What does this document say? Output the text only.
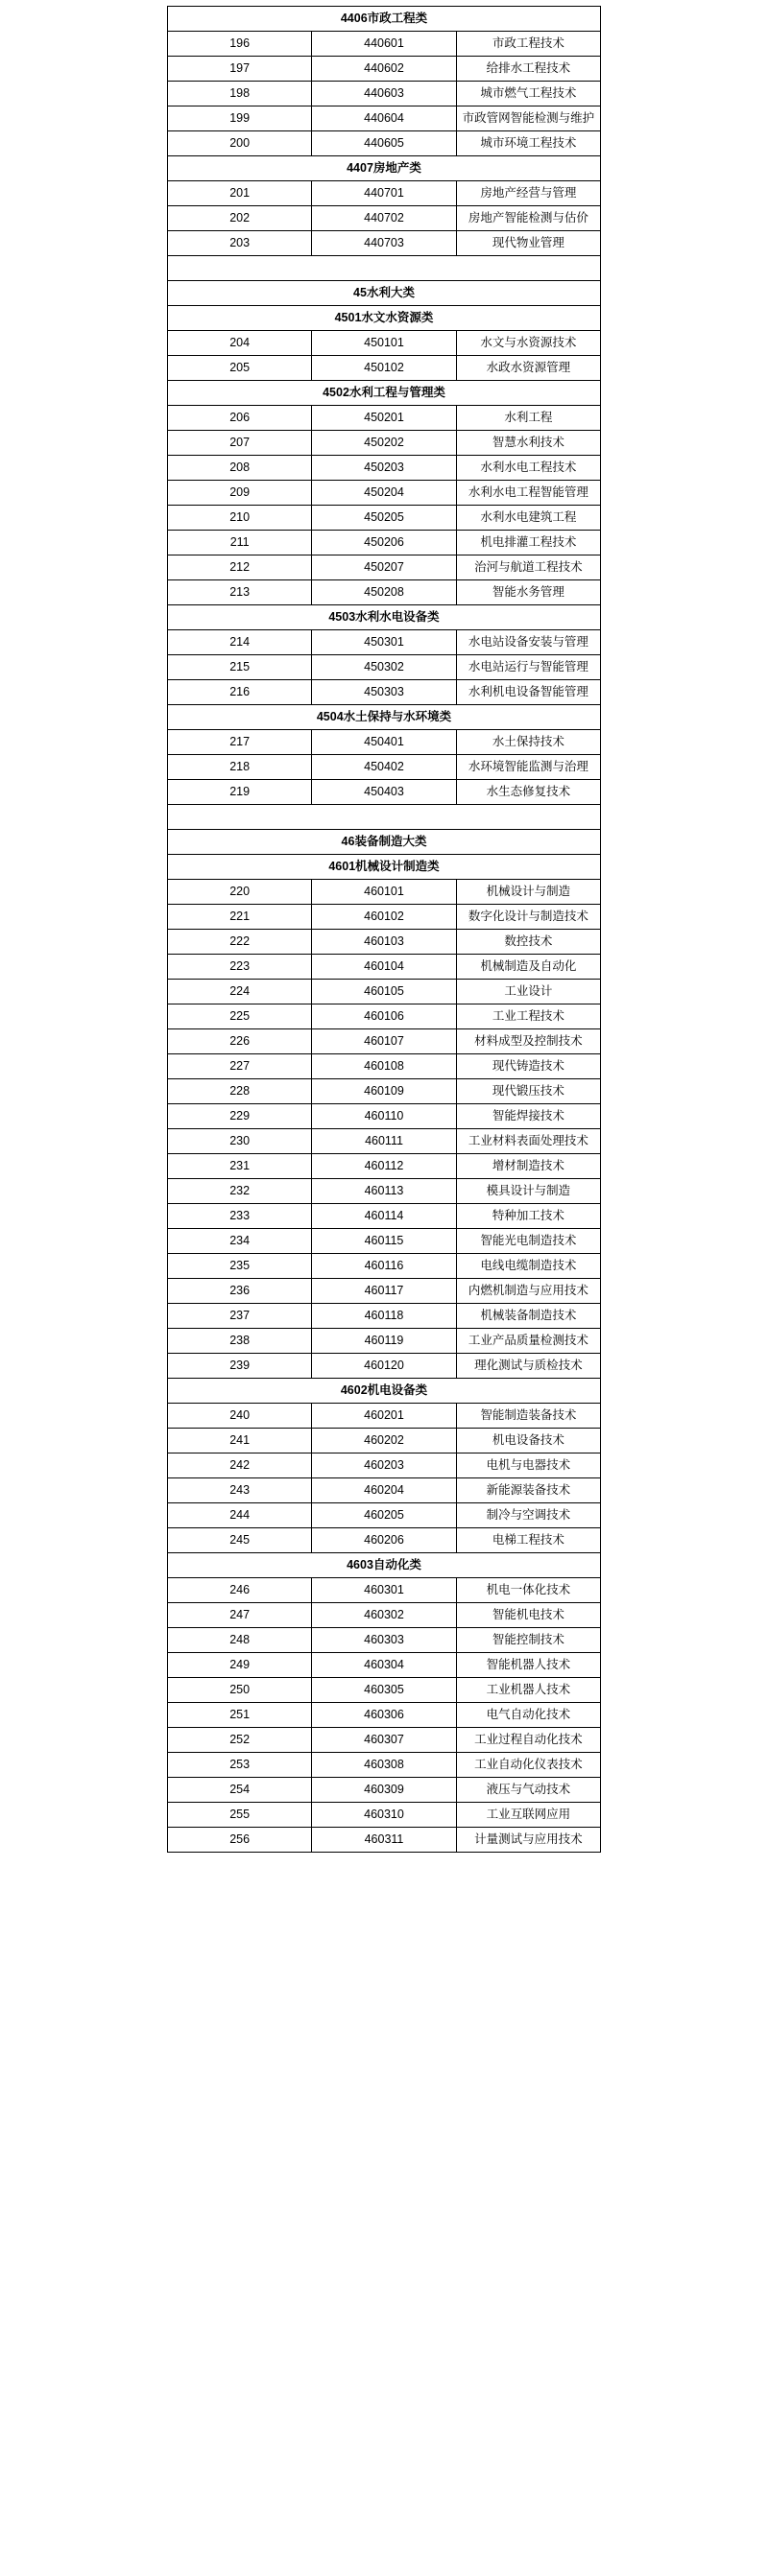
4406市政工程类		
196	440601	市政工程技术
197	440602	给排水工程技术
198	440603	城市燃气工程技术
199	440604	市政管网智能检测与维护
200	440605	城市环境工程技术
4407房地产类		
201	440701	房地产经营与管理
202	440702	房地产智能检测与估价
203	440703	现代物业管理

45水利大类		
4501水文水资源类		
204	450101	水文与水资源技术
205	450102	水政水资源管理
4502水利工程与管理类		
206	450201	水利工程
207	450202	智慧水利技术
208	450203	水利水电工程技术
209	450204	水利水电工程智能管理
210	450205	水利水电建筑工程
211	450206	机电排灌工程技术
212	450207	治河与航道工程技术
213	450208	智能水务管理
4503水利水电设备类		
214	450301	水电站设备安装与管理
215	450302	水电站运行与智能管理
216	450303	水利机电设备智能管理
4504水土保持与水环境类		
217	450401	水土保持技术
218	450402	水环境智能监测与治理
219	450403	水生态修复技术

46装备制造大类		
4601机械设计制造类		
220	460101	机械设计与制造
221	460102	数字化设计与制造技术
222	460103	数控技术
223	460104	机械制造及自动化
224	460105	工业设计
225	460106	工业工程技术
226	460107	材料成型及控制技术
227	460108	现代铸造技术
228	460109	现代锻压技术
229	460110	智能焊接技术
230	460111	工业材料表面处理技术
231	460112	增材制造技术
232	460113	模具设计与制造
233	460114	特种加工技术
234	460115	智能光电制造技术
235	460116	电线电缆制造技术
236	460117	内燃机制造与应用技术
237	460118	机械装备制造技术
238	460119	工业产品质量检测技术
239	460120	理化测试与质检技术
4602机电设备类		
240	460201	智能制造装备技术
241	460202	机电设备技术
242	460203	电机与电器技术
243	460204	新能源装备技术
244	460205	制冷与空调技术
245	460206	电梯工程技术
4603自动化类		
246	460301	机电一体化技术
247	460302	智能机电技术
248	460303	智能控制技术
249	460304	智能机器人技术
250	460305	工业机器人技术
251	460306	电气自动化技术
252	460307	工业过程自动化技术
253	460308	工业自动化仪表技术
254	460309	液压与气动技术
255	460310	工业互联网应用
256	460311	计量测试与应用技术
